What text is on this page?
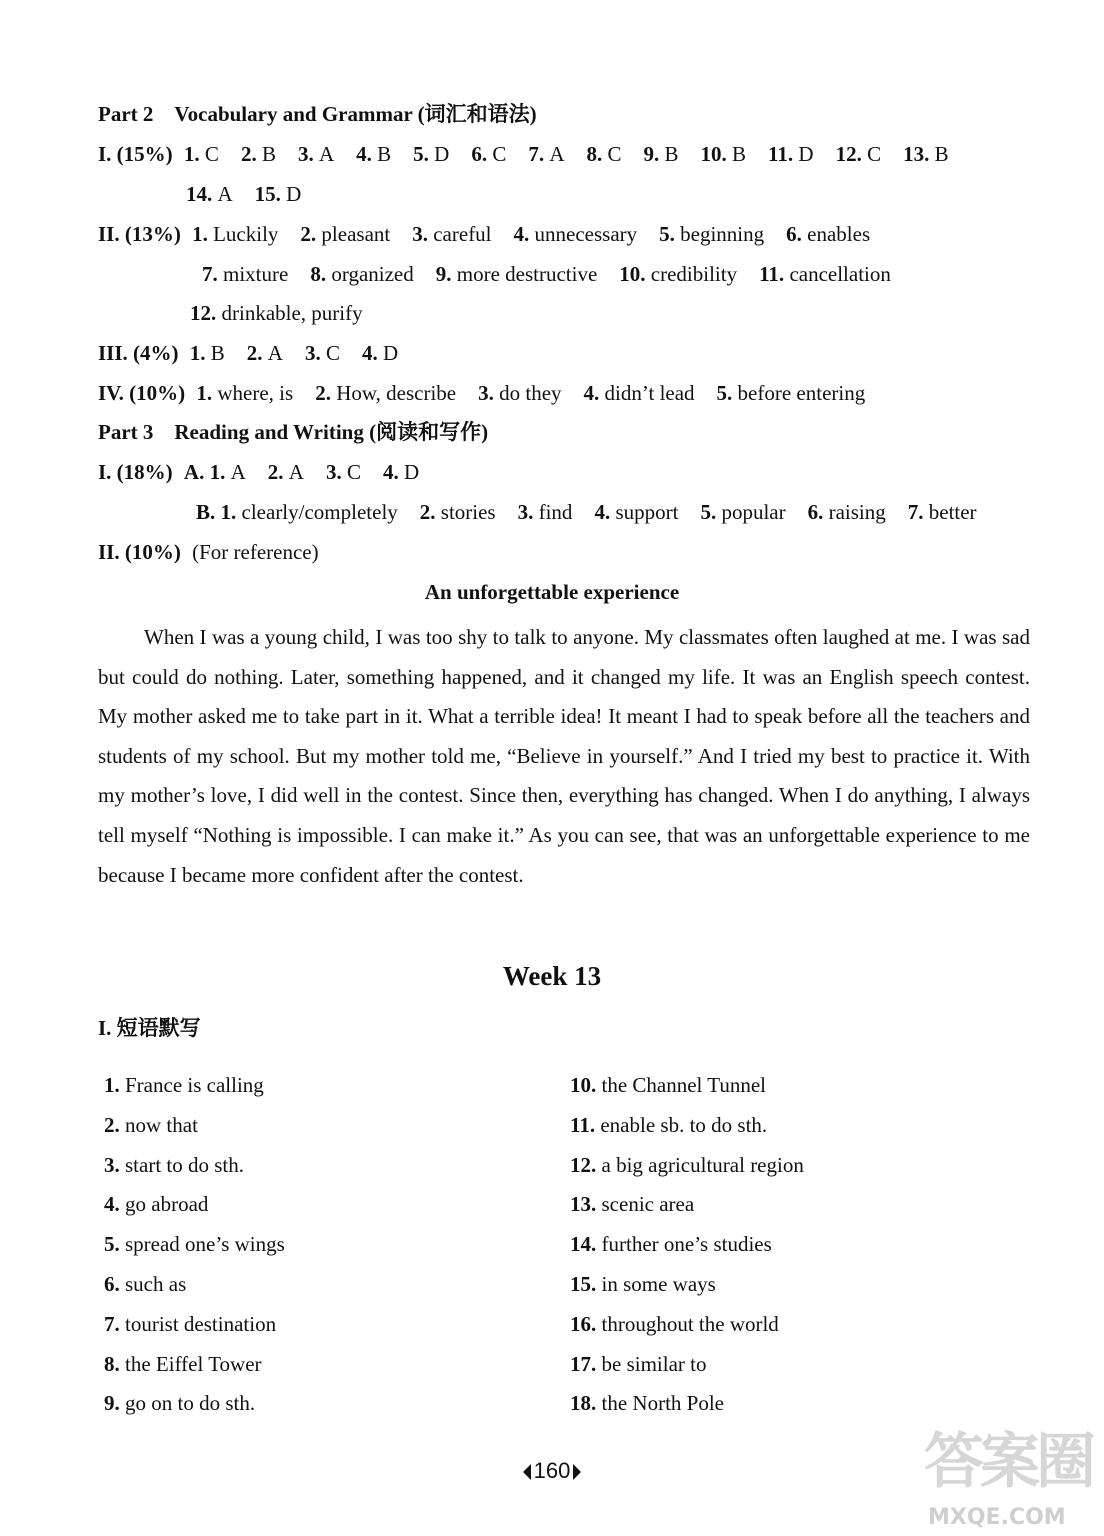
Part 2 Vocabulary and Grammar (词汇和语法)
I. (15%) 1. C 2. B 3. A 4. B 5. D 6. C 7. A 8. C 9. B 10. B 11. D 12. C 13. B
14. A 15. D
II. (13%) 1. Luckily 2. pleasant 3. careful 4. unnecessary 5. beginning 6. enables
7. mixture 8. organized 9. more destructive 10. credibility 11. cancellation
12. drinkable, purify
III. (4%) 1. B 2. A 3. C 4. D
IV. (10%) 1. where, is 2. How, describe 3. do they 4. didn’t lead 5. before entering
Part 3 Reading and Writing (阅读和写作)
I. (18%) A. 1. A 2. A 3. C 4. D
B. 1. clearly/completely 2. stories 3. find 4. support 5. popular 6. raising 7. better
II. (10%) (For reference)
An unforgettable experience
When I was a young child, I was too shy to talk to anyone. My classmates often laughed at me. I was sad but could do nothing. Later, something happened, and it changed my life. It was an English speech contest. My mother asked me to take part in it. What a terrible idea! It meant I had to speak before all the teachers and students of my school. But my mother told me, “Believe in yourself.” And I tried my best to practice it. With my mother’s love, I did well in the contest. Since then, everything has changed. When I do anything, I always tell myself “Nothing is impossible. I can make it.” As you can see, that was an unforgettable experience to me because I became more confident after the contest.
Week 13
I. 短语默写
1. France is calling
2. now that
3. start to do sth.
4. go abroad
5. spread one’s wings
6. such as
7. tourist destination
8. the Eiffel Tower
9. go on to do sth.
10. the Channel Tunnel
11. enable sb. to do sth.
12. a big agricultural region
13. scenic area
14. further one’s studies
15. in some ways
16. throughout the world
17. be similar to
18. the North Pole
160	答案圈
MXQE.COM
